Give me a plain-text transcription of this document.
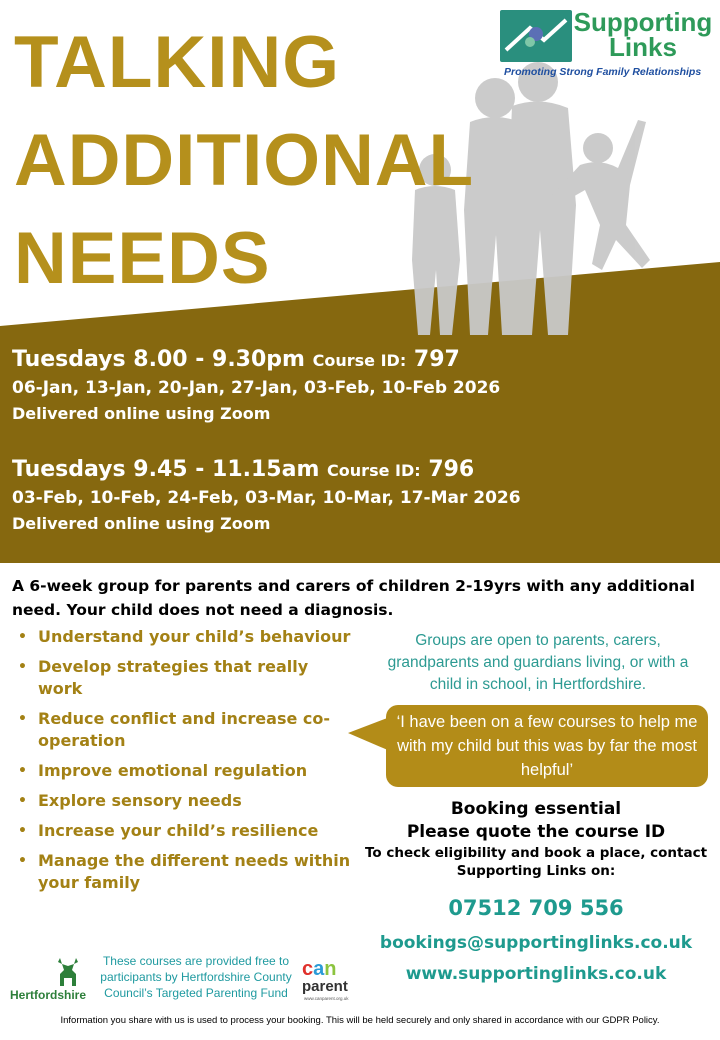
TALKING
ADDITIONAL
NEEDS
Supporting
Links
Promoting Strong Family Relationships
Tuesdays 8.00 - 9.30pm Course ID: 797
06-Jan, 13-Jan, 20-Jan, 27-Jan, 03-Feb, 10-Feb 2026
Delivered online using Zoom
Tuesdays 9.45 - 11.15am Course ID: 796
03-Feb, 10-Feb, 24-Feb, 03-Mar, 10-Mar, 17-Mar 2026
Delivered online using Zoom
A 6-week group for parents and carers of children 2-19yrs with any additional need. Your child does not need a diagnosis.
• Understand your child’s behaviour
• Develop strategies that really work
• Reduce conflict and increase co-operation
• Improve emotional regulation
• Explore sensory needs
• Increase your child’s resilience
• Manage the different needs within your family
Groups are open to parents, carers, grandparents and guardians living, or with a child in school, in Hertfordshire.
‘I have been on a few courses to help me with my child but this was by far the most helpful’
Booking essential
Please quote the course ID
To check eligibility and book a place, contact Supporting Links on:
07512 709 556
bookings@supportinglinks.co.uk
www.supportinglinks.co.uk
Hertfordshire
These courses are provided free to participants by Hertfordshire County Council’s Targeted Parenting Fund
can
parent
www.canparent.org.uk
Information you share with us is used to process your booking. This will be held securely and only shared in accordance with our GDPR Policy.
